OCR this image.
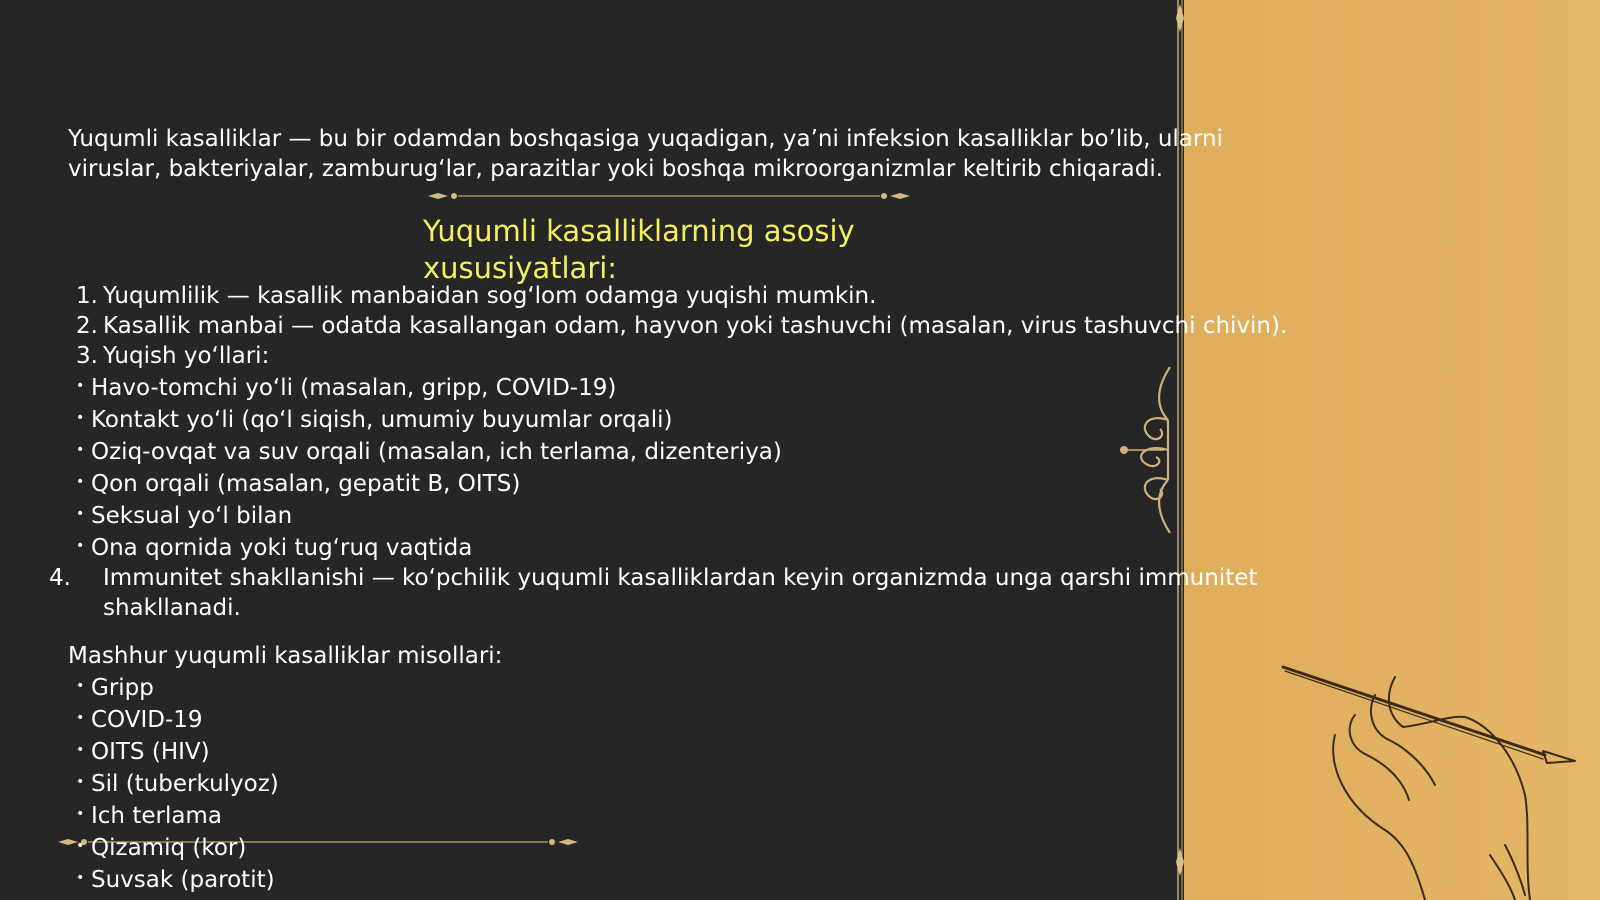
Yuqumli kasalliklar — bu bir odamdan boshqasiga yuqadigan, ya’ni infeksion kasalliklar bo’lib, ularni viruslar, bakteriyalar, zamburug‘lar, parazitlar yoki boshqa mikroorganizmlar keltirib chiqaradi.
Yuqumli kasalliklarning asosiy
xususiyatlari:
1. Yuqumlilik — kasallik manbaidan sog‘lom odamga yuqishi mumkin.
2. Kasallik manbai — odatda kasallangan odam, hayvon yoki tashuvchi (masalan, virus tashuvchi chivin).
3. Yuqish yo‘llari:
• Havo-tomchi yo‘li (masalan, gripp, COVID-19)
• Kontakt yo‘li (qo‘l siqish, umumiy buyumlar orqali)
• Oziq-ovqat va suv orqali (masalan, ich terlama, dizenteriya)
• Qon orqali (masalan, gepatit B, OITS)
• Seksual yo‘l bilan
• Ona qornida yoki tug‘ruq vaqtida
4. Immunitet shakllanishi — ko‘pchilik yuqumli kasalliklardan keyin organizmda unga qarshi immunitet shakllanadi.
Mashhur yuqumli kasalliklar misollari:
• Gripp
• COVID-19
• OITS (HIV)
• Sil (tuberkulyoz)
• Ich terlama
• Qizamiq (kor)
• Suvsak (parotit)
